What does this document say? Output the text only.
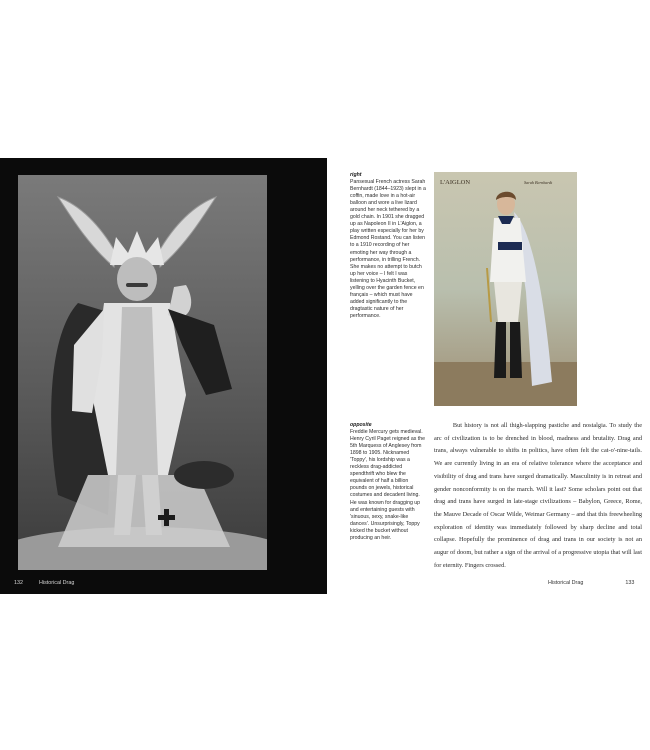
132	Historical Drag
right
Pansexual French actress Sarah Bernhardt (1844–1923) slept in a coffin, made love in a hot-air balloon and wore a live lizard around her neck tethered by a gold chain. In 1901 she dragged up as Napoleon II in L'Aiglon, a play written especially for her by Edmond Rostand. You can listen to a 1910 recording of her emoting her way through a performance, in trilling French. She makes no attempt to butch up her voice – I felt I was listening to Hyacinth Bucket, yelling over the garden fence en français – which must have added significantly to the dragtastic nature of her performance.
L'AIGLON	Sarah Bernhardt
opposite
Freddie Mercury gets medieval. Henry Cyril Paget reigned as the 5th Marquess of Anglesey from 1898 to 1905. Nicknamed 'Toppy', his lordship was a reckless drag-addicted spendthrift who blew the equivalent of half a billion pounds on jewels, historical costumes and decadent living. He was known for dragging up and entertaining guests with 'sinuous, sexy, snake-like dances'. Unsurprisingly, Toppy kicked the bucket without producing an heir.
   But history is not all thigh-slapping pastiche and nostalgia. To study the arc of civilization is to be drenched in blood, madness and brutality. Drag and trans, always vulnerable to shifts in politics, have often felt the cat-o'-nine-tails. We are currently living in an era of relative tolerance where the acceptance and visibility of drag and trans have surged dramatically. Masculinity is in retreat and gender nonconformity is on the march. Will it last? Some scholars point out that drag and trans have surged in late-stage civilizations – Babylon, Greece, Rome, the Mauve Decade of Oscar Wilde, Weimar Germany – and that this freewheeling exploration of identity was immediately followed by sharp decline and total collapse. Hopefully the prominence of drag and trans in our society is not an augur of doom, but rather a sign of the arrival of a progressive utopia that will last for eternity. Fingers crossed.
Historical Drag	133
